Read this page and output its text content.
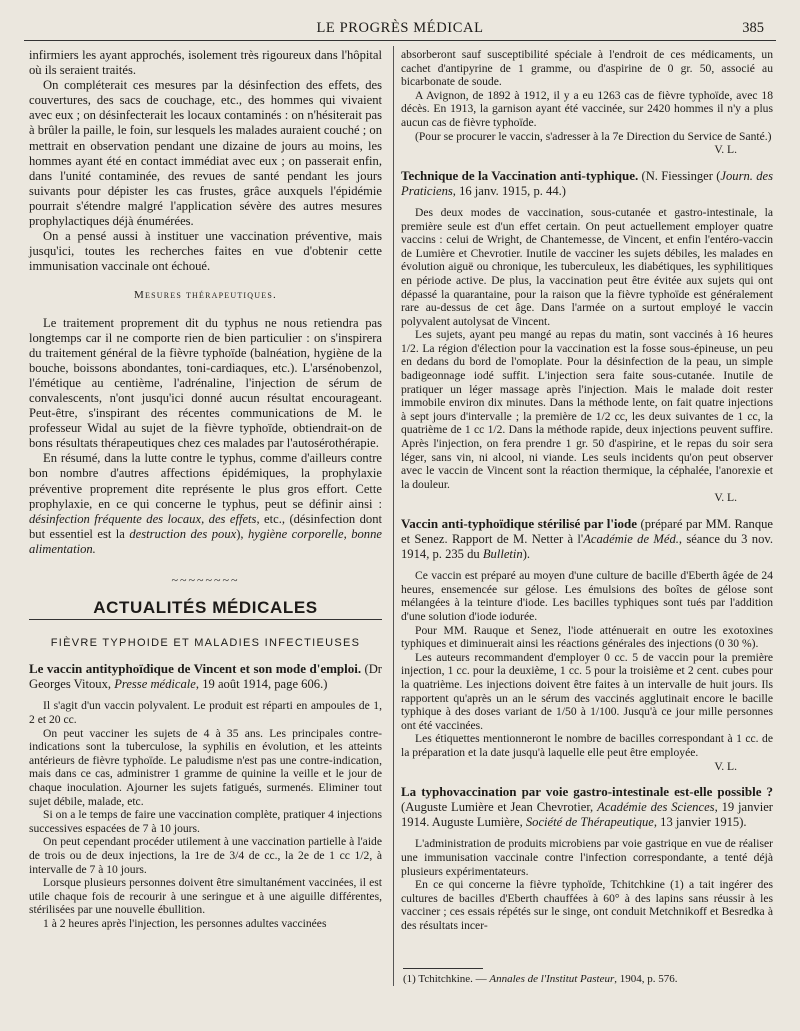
LE PROGRÈS MÉDICAL	385

infirmiers les ayant approchés, isolement très rigoureux dans l'hôpital où ils seraient traités.

On compléterait ces mesures par la désinfection des effets, des couvertures, des sacs de couchage, etc., des hommes qui vivaient avec eux ; on désinfecterait les locaux contaminés : on n'hésiterait pas à brûler la paille, le foin, sur lesquels les malades auraient couché ; on mettrait en observation pendant une dizaine de jours au moins, les hommes ayant été en contact immédiat avec eux ; on passerait enfin, dans l'unité contaminée, des revues de santé pendant les jours suivants pour dépister les cas frustes, grâce auxquels l'épidémie pourrait s'étendre malgré l'application sévère des autres mesures prophylactiques déjà énumérées.

On a pensé aussi à instituer une vaccination préventive, mais jusqu'ici, toutes les recherches faites en vue d'obtenir cette immunisation vaccinale ont échoué.

Mesures thérapeutiques.

Le traitement proprement dit du typhus ne nous retiendra pas longtemps car il ne comporte rien de bien particulier : on s'inspirera du traitement général de la fièvre typhoïde (balnéation, hygiène de la bouche, boissons abondantes, toni-cardiaques, etc.). L'arsénobenzol, l'émétique au centième, l'adrénaline, l'injection de sérum de convalescents, n'ont jusqu'ici donné aucun résultat encourageant. Peut-être, s'inspirant des récentes communications de M. le professeur Widal au sujet de la fièvre typhoïde, obtiendrait-on de bons résultats thérapeutiques chez ces malades par l'autosérothérapie.

En résumé, dans la lutte contre le typhus, comme d'ailleurs contre bon nombre d'autres affections épidémiques, la prophylaxie préventive proprement dite représente le plus gros effort. Cette prophylaxie, en ce qui concerne le typhus, peut se définir ainsi : désinfection fréquente des locaux, des effets, etc., (désinfection dont but essentiel est la destruction des poux), hygiène corporelle, bonne alimentation.

~~~~~~~~
ACTUALITÉS MÉDICALES
FIÈVRE TYPHOIDE ET MALADIES INFECTIEUSES

Le vaccin antityphoïdique de Vincent et son mode d'emploi. (Dr Georges Vitoux, Presse médicale, 19 août 1914, page 606.)

Il s'agit d'un vaccin polyvalent. Le produit est réparti en ampoules de 1, 2 et 20 cc.

On peut vacciner les sujets de 4 à 35 ans. Les principales contre-indications sont la tuberculose, la syphilis en évolution, et les atteints antérieurs de fièvre typhoïde. Le paludisme n'est pas une contre-indication, mais dans ce cas, administrer 1 gramme de quinine la veille et le jour de chaque inoculation. Ajourner les sujets fatigués, surmenés. Eliminer tout sujet débile, malade, etc.

Si on a le temps de faire une vaccination complète, pratiquer 4 injections successives espacées de 7 à 10 jours.

On peut cependant procéder utilement à une vaccination partielle à l'aide de trois ou de deux injections, la 1re de 3/4 de cc., la 2e de 1 cc 1/2, à intervalle de 7 à 10 jours.

Lorsque plusieurs personnes doivent être simultanément vaccinées, il est utile chaque fois de recourir à une seringue et à une aiguille différentes, stérilisées par une nouvelle ébullition.

1 à 2 heures après l'injection, les personnes adultes vaccinées

absorberont sauf susceptibilité spéciale à l'endroit de ces médicaments, un cachet d'antipyrine de 1 gramme, ou d'aspirine de 0 gr. 50, associé au bicarbonate de soude.

A Avignon, de 1892 à 1912, il y a eu 1263 cas de fièvre typhoïde, avec 18 décès. En 1913, la garnison ayant été vaccinée, sur 2420 hommes il n'y a plus aucun cas de fièvre typhoïde.

(Pour se procurer le vaccin, s'adresser à la 7e Direction du Service de Santé.)

V. L.

Technique de la Vaccination anti-typhique. (N. Fiessinger (Journ. des Praticiens, 16 janv. 1915, p. 44.)

Des deux modes de vaccination, sous-cutanée et gastro-intestinale, la première seule est d'un effet certain. On peut actuellement employer quatre vaccins : celui de Wright, de Chantemesse, de Vincent, et enfin l'entéro-vaccin de Lumière et Chevrotier. Inutile de vacciner les sujets débiles, les malades en évolution aiguë ou chronique, les tuberculeux, les diabétiques, les syphilitiques en période active. De plus, la vaccination peut être évitée aux sujets qui ont dépassé la quarantaine, pour la raison que la fièvre typhoïde est généralement rare au-dessus de cet âge. Dans l'armée on a surtout employé le vaccin polyvalent autolysat de Vincent.

Les sujets, ayant peu mangé au repas du matin, sont vaccinés à 16 heures 1/2. La région d'élection pour la vaccination est la fosse sous-épineuse, un peu en dedans du bord de l'omoplate. Pour la désinfection de la peau, un simple badigeonnage iodé suffit. L'injection sera faite sous-cutanée. Inutile de pratiquer un léger massage après l'injection. Mais le malade doit rester immobile environ dix minutes. Dans la méthode lente, on fait quatre injections à sept jours d'intervalle ; la première de 1/2 cc, les deux suivantes de 1 cc, la quatrième de 1 cc 1/2. Dans la méthode rapide, deux injections peuvent suffire. Après l'injection, on fera prendre 1 gr. 50 d'aspirine, et le repas du soir sera léger, sans vin, ni alcool, ni viande. Les seuls incidents qu'on peut observer avec le vaccin de Vincent sont la réaction thermique, la céphalée, l'anorexie et la douleur.

V. L.

Vaccin anti-typhoïdique stérilisé par l'iode (préparé par MM. Ranque et Senez. Rapport de M. Netter à l'Académie de Méd., séance du 3 nov. 1914, p. 235 du Bulletin).

Ce vaccin est préparé au moyen d'une culture de bacille d'Eberth âgée de 24 heures, ensemencée sur gélose. Les émulsions des boîtes de gélose sont mélangées à la teinture d'iode. Les bacilles typhiques sont tués par l'addition d'une solution d'iode iodurée.

Pour MM. Rauque et Senez, l'iode atténuerait en outre les exotoxines typhiques et diminuerait ainsi les réactions générales des injections (0 30 %).

Les auteurs recommandent d'employer 0 cc. 5 de vaccin pour la première injection, 1 cc. pour la deuxième, 1 cc. 5 pour la troisième et 2 cent. cubes pour la quatrième. Les injections doivent être faites à un intervalle de huit jours. Ils rapportent qu'après un an le sérum des vaccinés agglutinait encore le bacille typhique à des doses variant de 1/50 à 1/100. Jusqu'à ce jour mille personnes ont été vaccinées.

Les étiquettes mentionneront le nombre de bacilles correspondant à 1 cc. de la préparation et la date jusqu'à laquelle elle peut être employée.

V. L.

La typhovaccination par voie gastro-intestinale est-elle possible ? (Auguste Lumière et Jean Chevrotier, Académie des Sciences, 19 janvier 1914. Auguste Lumière, Société de Thérapeutique, 13 janvier 1915).

L'administration de produits microbiens par voie gastrique en vue de réaliser une immunisation vaccinale contre l'infection correspondante, a tenté déjà plusieurs expérimentateurs.

En ce qui concerne la fièvre typhoïde, Tchitchkine (1) a tait ingérer des cultures de bacilles d'Eberth chauffées à 60° à des lapins sans réussir à les vacciner ; ces essais répétés sur le singe, ont conduit Metchnikoff et Besredka à des résultats incer-

(1) Tchitchkine. — Annales de l'Institut Pasteur, 1904, p. 576.
